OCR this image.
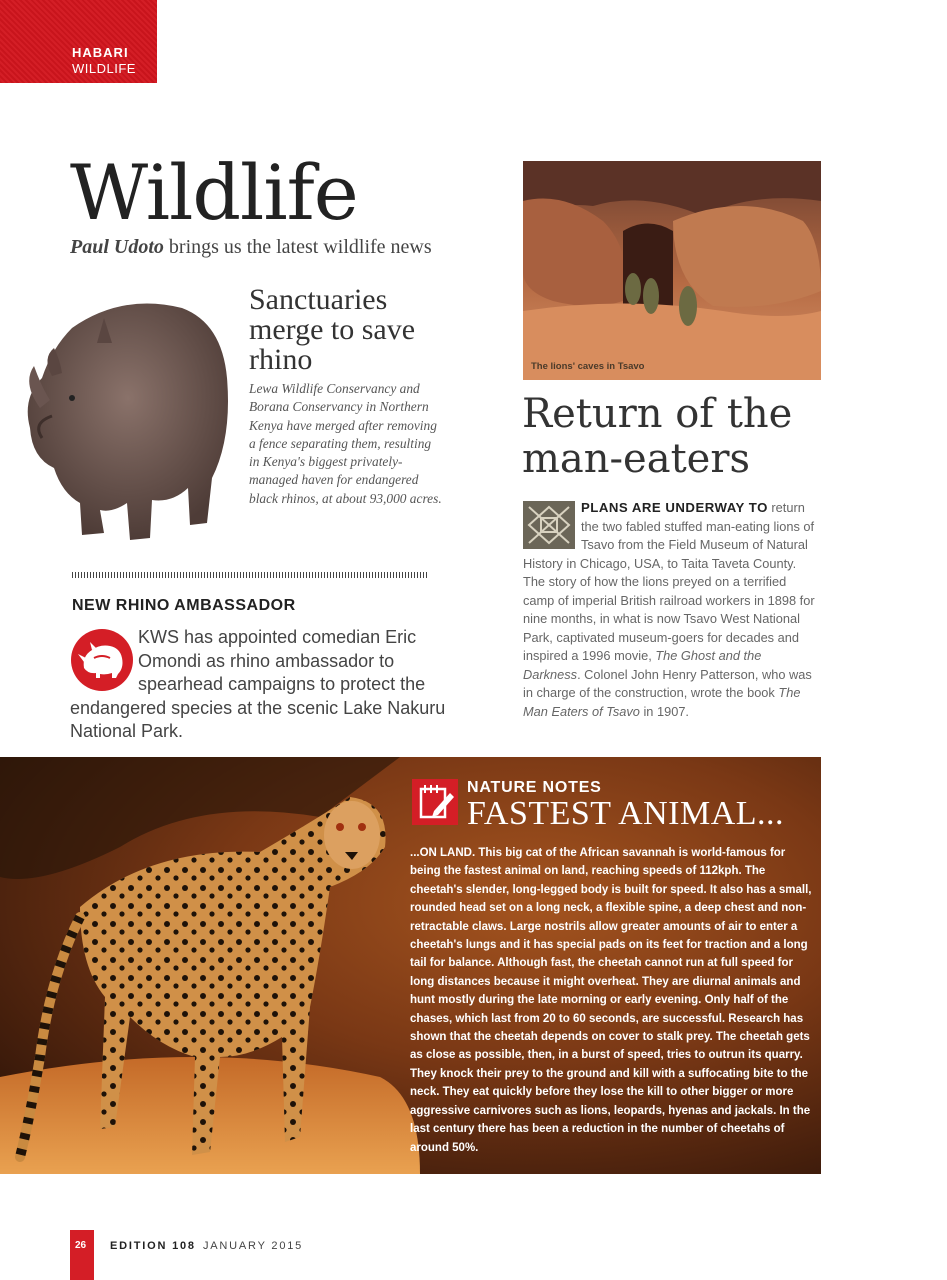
HABARI
WILDLIFE
Wildlife
Paul Udoto brings us the latest wildlife news
Sanctuaries merge to save rhino

Lewa Wildlife Conservancy and Borana Conservancy in Northern Kenya have merged after removing a fence separating them, resulting in Kenya's biggest privately-managed haven for endangered black rhinos, at about 93,000 acres.

NEW RHINO AMBASSADOR
KWS has appointed comedian Eric Omondi as rhino ambassador to spearhead campaigns to protect the endangered species at the scenic Lake Nakuru National Park.
The lions' caves in Tsavo
Return of the man-eaters
PLANS ARE UNDERWAY TO return the two fabled stuffed man-eating lions of Tsavo from the Field Museum of Natural History in Chicago, USA, to Taita Taveta County. The story of how the lions preyed on a terrified camp of imperial British railroad workers in 1898 for nine months, in what is now Tsavo West National Park, captivated museum-goers for decades and inspired a 1996 movie, The Ghost and the Darkness. Colonel John Henry Patterson, who was in charge of the construction, wrote the book The Man Eaters of Tsavo in 1907.
NATURE NOTES
FASTEST ANIMAL...

...ON LAND. This big cat of the African savannah is world-famous for being the fastest animal on land, reaching speeds of 112kph. The cheetah's slender, long-legged body is built for speed. It also has a small, rounded head set on a long neck, a flexible spine, a deep chest and non-retractable claws. Large nostrils allow greater amounts of air to enter a cheetah's lungs and it has special pads on its feet for traction and a long tail for balance. Although fast, the cheetah cannot run at full speed for long distances because it might overheat. They are diurnal animals and hunt mostly during the late morning or early evening. Only half of the chases, which last from 20 to 60 seconds, are successful. Research has shown that the cheetah depends on cover to stalk prey. The cheetah gets as close as possible, then, in a burst of speed, tries to outrun its quarry. They knock their prey to the ground and kill with a suffocating bite to the neck. They eat quickly before they lose the kill to other bigger or more aggressive carnivores such as lions, leopards, hyenas and jackals. In the last century there has been a reduction in the number of cheetahs of around 50%.

26 EDITION 108 JANUARY 2015
